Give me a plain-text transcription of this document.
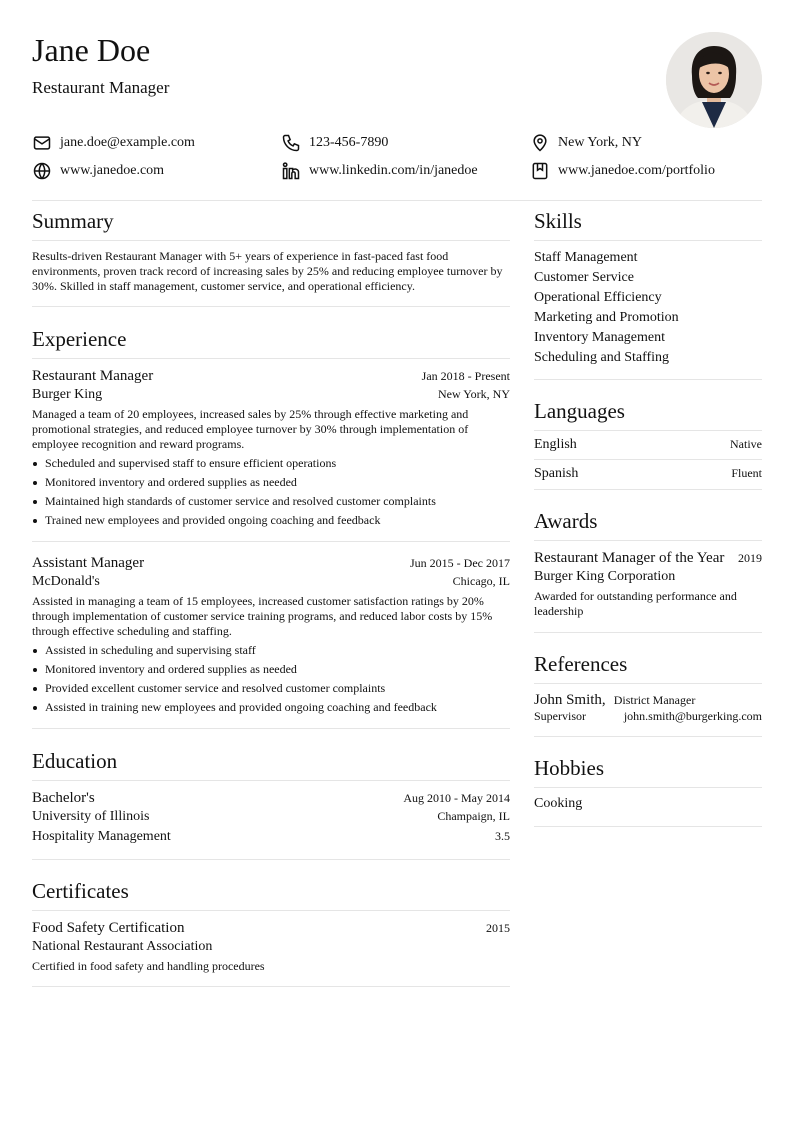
Jane Doe
Restaurant Manager
jane.doe@example.com	123-456-7890	New York, NY
www.janedoe.com	www.linkedin.com/in/janedoe	www.janedoe.com/portfolio
Summary

Results-driven Restaurant Manager with 5+ years of experience in fast-paced fast food environments, proven track record of increasing sales by 25% and reducing employee turnover by 30%. Skilled in staff management, customer service, and operational efficiency.

Experience
Restaurant Manager	Jan 2018 - Present
Burger King	New York, NY

Managed a team of 20 employees, increased sales by 25% through effective marketing and promotional strategies, and reduced employee turnover by 30% through implementation of employee recognition and reward programs.

Scheduled and supervised staff to ensure efficient operations
Monitored inventory and ordered supplies as needed
Maintained high standards of customer service and resolved customer complaints
Trained new employees and provided ongoing coaching and feedback
Assistant Manager	Jun 2015 - Dec 2017
McDonald's	Chicago, IL

Assisted in managing a team of 15 employees, increased customer satisfaction ratings by 20% through implementation of customer service training programs, and reduced labor costs by 15% through effective scheduling and staffing.

Assisted in scheduling and supervising staff
Monitored inventory and ordered supplies as needed
Provided excellent customer service and resolved customer complaints
Assisted in training new employees and provided ongoing coaching and feedback
Education
Bachelor's	Aug 2010 - May 2014
University of Illinois	Champaign, IL
Hospitality Management	3.5
Certificates
Food Safety Certification	2015
National Restaurant Association

Certified in food safety and handling procedures

Skills
Staff Management
Customer Service
Operational Efficiency
Marketing and Promotion
Inventory Management
Scheduling and Staffing
Languages
English	Native
Spanish	Fluent
Awards
Restaurant Manager of the Year 2019
Burger King Corporation

Awarded for outstanding performance and leadership

References
John Smith, District Manager
Supervisor	john.smith@burgerking.com
Hobbies
Cooking
